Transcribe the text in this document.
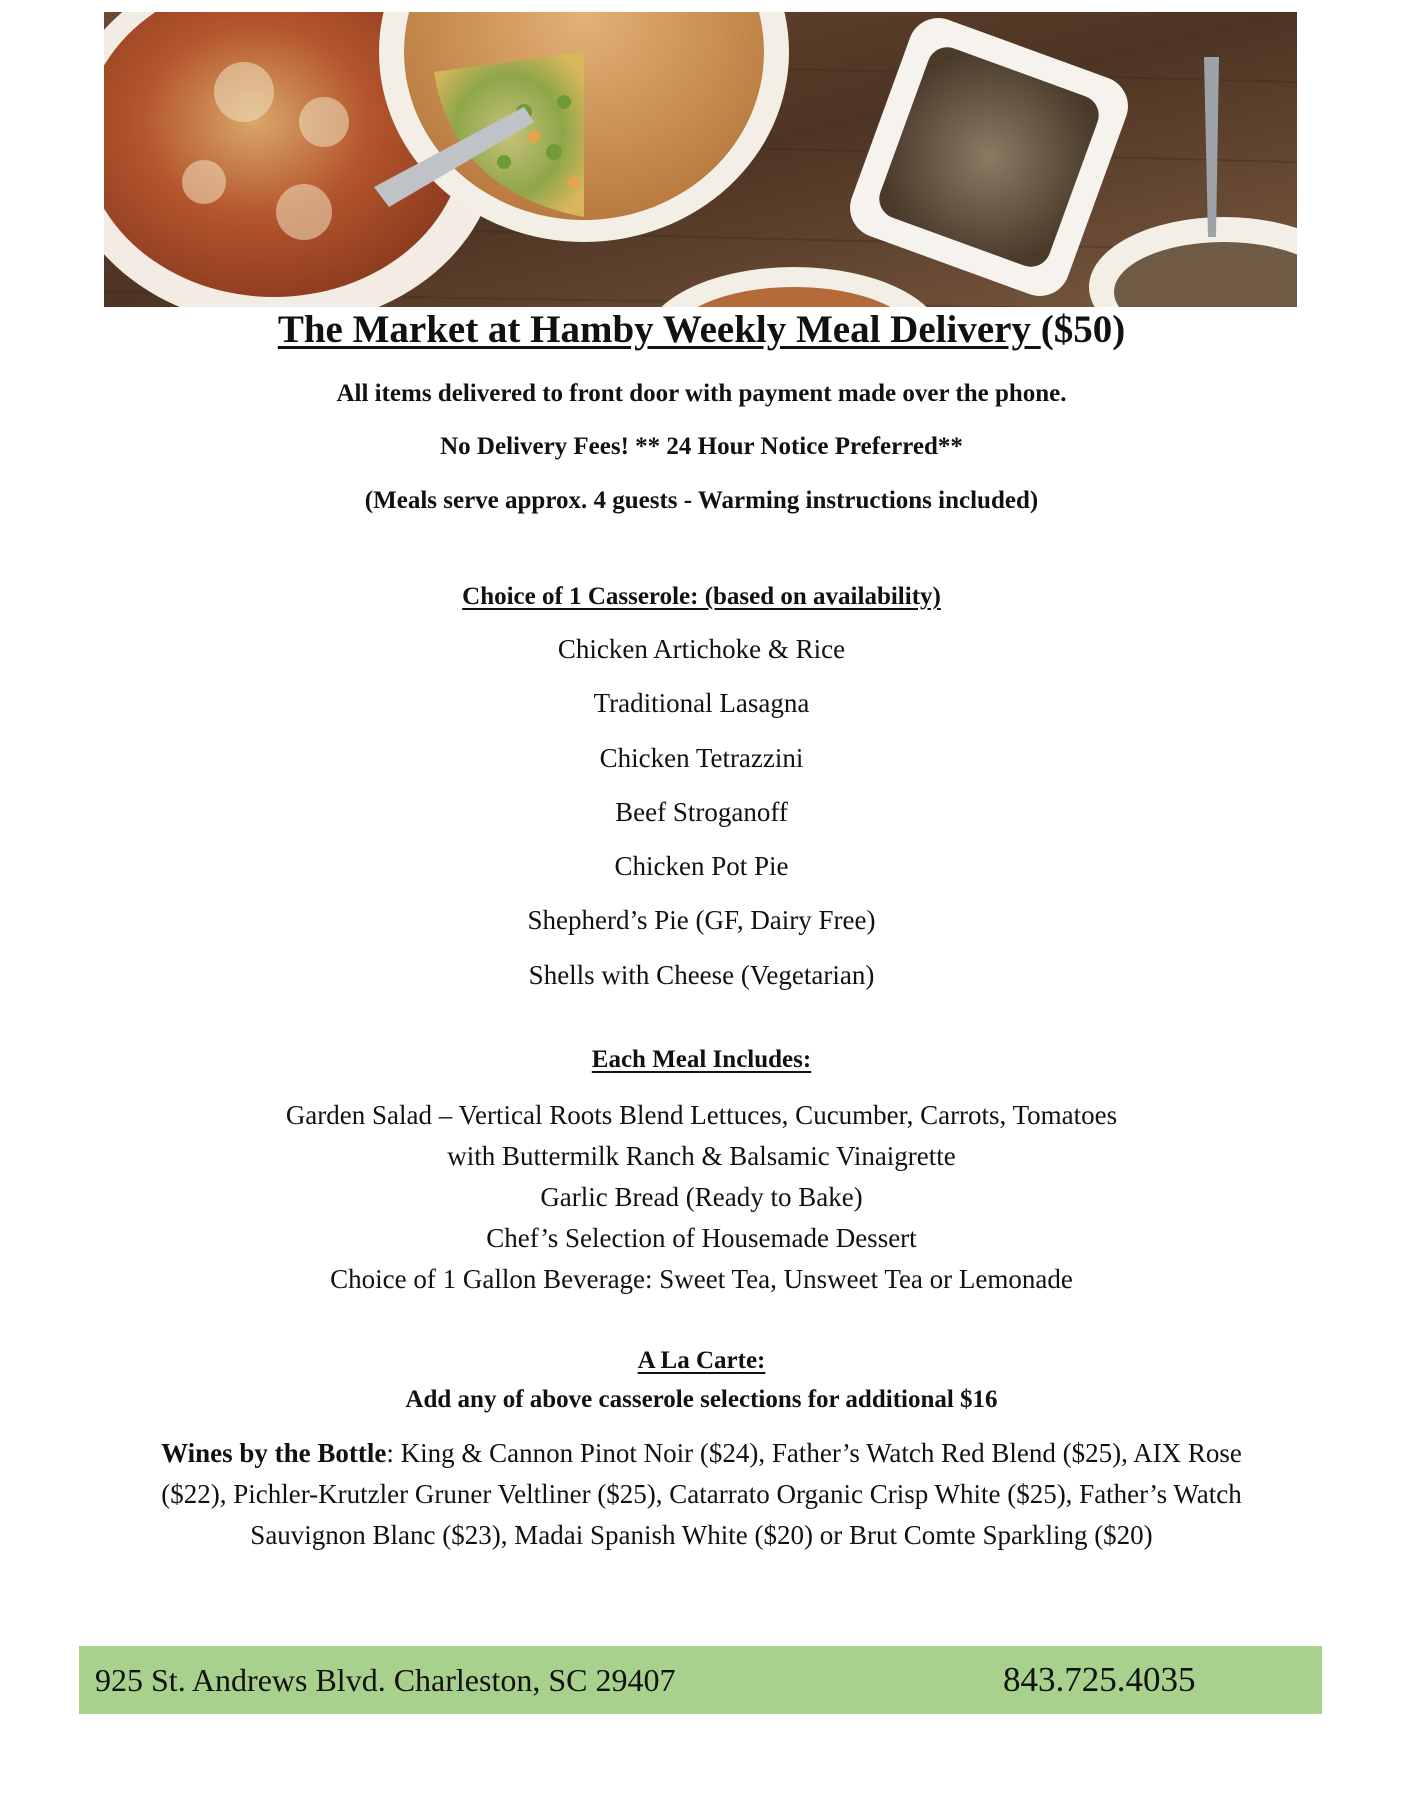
The Market at Hamby Weekly Meal Delivery ($50)
All items delivered to front door with payment made over the phone.
No Delivery Fees! ** 24 Hour Notice Preferred**
(Meals serve approx. 4 guests - Warming instructions included)
Choice of 1 Casserole: (based on availability)
Chicken Artichoke & Rice
Traditional Lasagna
Chicken Tetrazzini
Beef Stroganoff
Chicken Pot Pie
Shepherd’s Pie (GF, Dairy Free)
Shells with Cheese (Vegetarian)
Each Meal Includes:
Garden Salad – Vertical Roots Blend Lettuces, Cucumber, Carrots, Tomatoes
with Buttermilk Ranch & Balsamic Vinaigrette
Garlic Bread (Ready to Bake)
Chef’s Selection of Housemade Dessert
Choice of 1 Gallon Beverage: Sweet Tea, Unsweet Tea or Lemonade
A La Carte:
Add any of above casserole selections for additional $16
Wines by the Bottle: King & Cannon Pinot Noir ($24), Father’s Watch Red Blend ($25), AIX Rose ($22), Pichler-Krutzler Gruner Veltliner ($25), Catarrato Organic Crisp White ($25), Father’s Watch Sauvignon Blanc ($23), Madai Spanish White ($20) or Brut Comte Sparkling ($20)
925 St. Andrews Blvd. Charleston, SC 29407	843.725.4035
